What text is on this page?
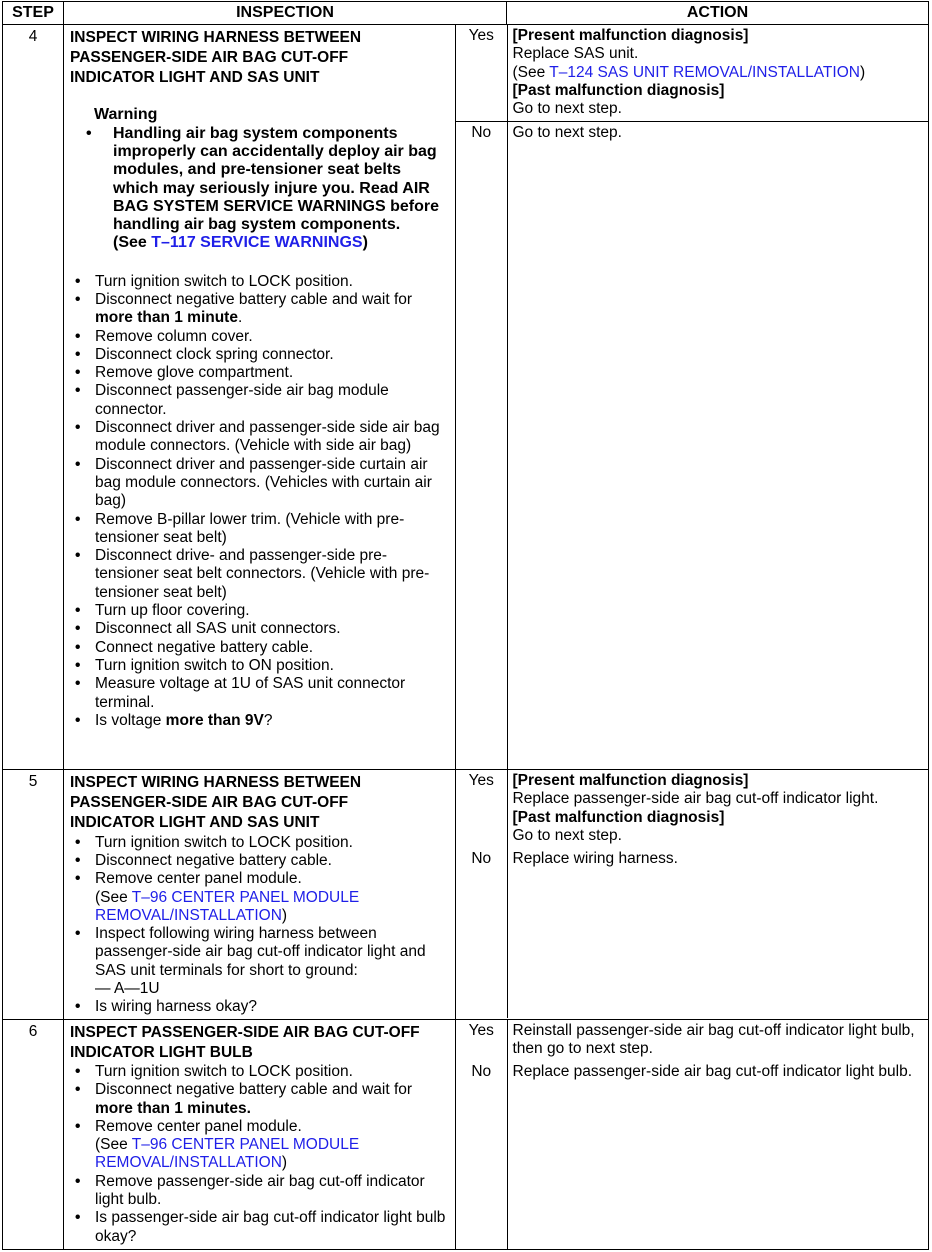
STEP	INSPECTION	ACTION
4	INSPECT WIRING HARNESS BETWEEN
PASSENGER-SIDE AIR BAG CUT-OFF
INDICATOR LIGHT AND SAS UNIT
Warning
• Handling air bag system components improperly can accidentally deploy air bag modules, and pre-tensioner seat belts which may seriously injure you. Read AIR BAG SYSTEM SERVICE WARNINGS before handling air bag system components.
(See T–117 SERVICE WARNINGS)
• Turn ignition switch to LOCK position.
• Disconnect negative battery cable and wait for more than 1 minute.
• Remove column cover.
• Disconnect clock spring connector.
• Remove glove compartment.
• Disconnect passenger-side air bag module connector.
• Disconnect driver and passenger-side side air bag module connectors. (Vehicle with side air bag)
• Disconnect driver and passenger-side curtain air bag module connectors. (Vehicles with curtain air bag)
• Remove B-pillar lower trim. (Vehicle with pre-tensioner seat belt)
• Disconnect drive- and passenger-side pre-tensioner seat belt connectors. (Vehicle with pre-tensioner seat belt)
• Turn up floor covering.
• Disconnect all SAS unit connectors.
• Connect negative battery cable.
• Turn ignition switch to ON position.
• Measure voltage at 1U of SAS unit connector terminal.
• Is voltage more than 9V?

Yes	[Present malfunction diagnosis]
Replace SAS unit.
(See T–124 SAS UNIT REMOVAL/INSTALLATION)
[Past malfunction diagnosis]
Go to next step.

No	Go to next step.

5	INSPECT WIRING HARNESS BETWEEN
PASSENGER-SIDE AIR BAG CUT-OFF
INDICATOR LIGHT AND SAS UNIT
• Turn ignition switch to LOCK position.
• Disconnect negative battery cable.
• Remove center panel module.
(See T–96 CENTER PANEL MODULE REMOVAL/INSTALLATION)
• Inspect following wiring harness between passenger-side air bag cut-off indicator light and SAS unit terminals for short to ground:
— A—1U
• Is wiring harness okay?

Yes	[Present malfunction diagnosis]
Replace passenger-side air bag cut-off indicator light.
[Past malfunction diagnosis]
Go to next step.

No	Replace wiring harness.

6	INSPECT PASSENGER-SIDE AIR BAG CUT-OFF
INDICATOR LIGHT BULB
• Turn ignition switch to LOCK position.
• Disconnect negative battery cable and wait for more than 1 minutes.
• Remove center panel module.
(See T–96 CENTER PANEL MODULE REMOVAL/INSTALLATION)
• Remove passenger-side air bag cut-off indicator light bulb.
• Is passenger-side air bag cut-off indicator light bulb okay?

Yes	Reinstall passenger-side air bag cut-off indicator light bulb, then go to next step.
No	Replace passenger-side air bag cut-off indicator light bulb.
